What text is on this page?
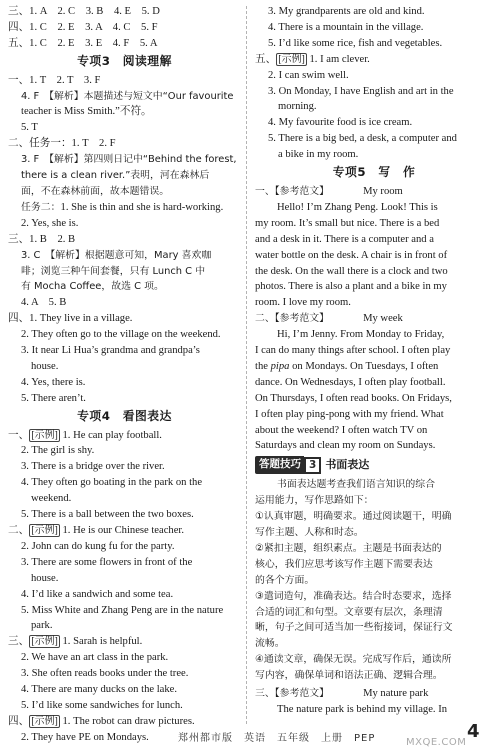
三、1. A　2. C　3. B　4. E　5. D
四、1. C　2. E　3. A　4. C　5. F
五、1. C　2. E　3. E　4. F　5. A
专项3　阅读理解
一、1. T　2. T　3. F
4. F　【解析】本题描述与短文中“Our favourite
teacher is Miss Smith.”不符。
5. T
二、任务一：1. T　2. F
3. F　【解析】第四则日记中“Behind the forest,
there is a clean river.”表明，河在森林后
面，不在森林前面，故本题错误。
任务二：1. She is thin and she is hard-working.
2. Yes, she is.
三、1. B　2. B
3. C　【解析】根据题意可知，Mary 喜欢咖
啡；浏览三种午间套餐，只有 Lunch C 中
有 Mocha Coffee，故选 C 项。
4. A　5. B
四、1. They live in a village.
2. They often go to the village on the weekend.
3. It near Li Hua’s grandma and grandpa’s
house.
4. Yes, there is.
5. There aren’t.
专项4　看图表达
一、 [示例] 1. He can play football.
2. The girl is shy.
3. There is a bridge over the river.
4. They often go boating in the park on the
weekend.
5. There is a ball between the two boxes.
二、 [示例] 1. He is our Chinese teacher.
2. John can do kung fu for the party.
3. There are some flowers in front of the
house.
4. I’d like a sandwich and some tea.
5. Miss White and Zhang Peng are in the nature
park.
三、 [示例] 1. Sarah is helpful.
2. We have an art class in the park.
3. She often reads books under the tree.
4. There are many ducks on the lake.
5. I’d like some sandwiches for lunch.
四、 [示例] 1. The robot can draw pictures.
2. They have PE on Mondays.
3. My grandparents are old and kind.
4. There is a mountain in the village.
5. I’d like some rice, fish and vegetables.
五、 [示例] 1. I am clever.
2. I can swim well.
3. On Monday, I have English and art in the
morning.
4. My favourite food is ice cream.
5. There is a big bed, a desk, a computer and
a bike in my room.
专项5　写　作
一、【参考范文】	My room
Hello! I’m Zhang Peng. Look! This is
my room. It’s small but nice. There is a bed
and a desk in it. There is a computer and a
water bottle on the desk. A chair is in front of
the desk. On the wall there is a clock and two
photos. There is also a plant and a bike in my
room. I love my room.
二、【参考范文】	My week
Hi, I’m Jenny. From Monday to Friday,
I can do many things after school. I often play
the pipa on Mondays. On Tuesdays, I often
dance. On Wednesdays, I often play football.
On Thursdays, I often read books. On Fridays,
I often play ping-pong with my friend. What
about the weekend? I often watch TV on
Saturdays and clean my room on Sundays.
答题技巧 3 书面表达
书面表达题考查我们语言知识的综合
运用能力，写作思路如下：
①认真审题，明确要求。通过阅读题干，明确
写作主题、人称和时态。
②紧扣主题，组织素点。主题是书面表达的
核心，我们应思考该写作主题下需要表达
的各个方面。
③遣词造句，准确表达。结合时态要求，选择
合适的词汇和句型。文章要有层次，条理清
晰，句子之间可适当加一些衔接词，保证行文
流畅。
④通读文章，确保无误。完成写作后，通读所
写内容，确保单词和语法正确、逻辑合理。
三、【参考范文】	My nature park
The nature park is behind my village. In
郑州都市版　英语　五年级　上册　PEP	4
MXQE.COM
